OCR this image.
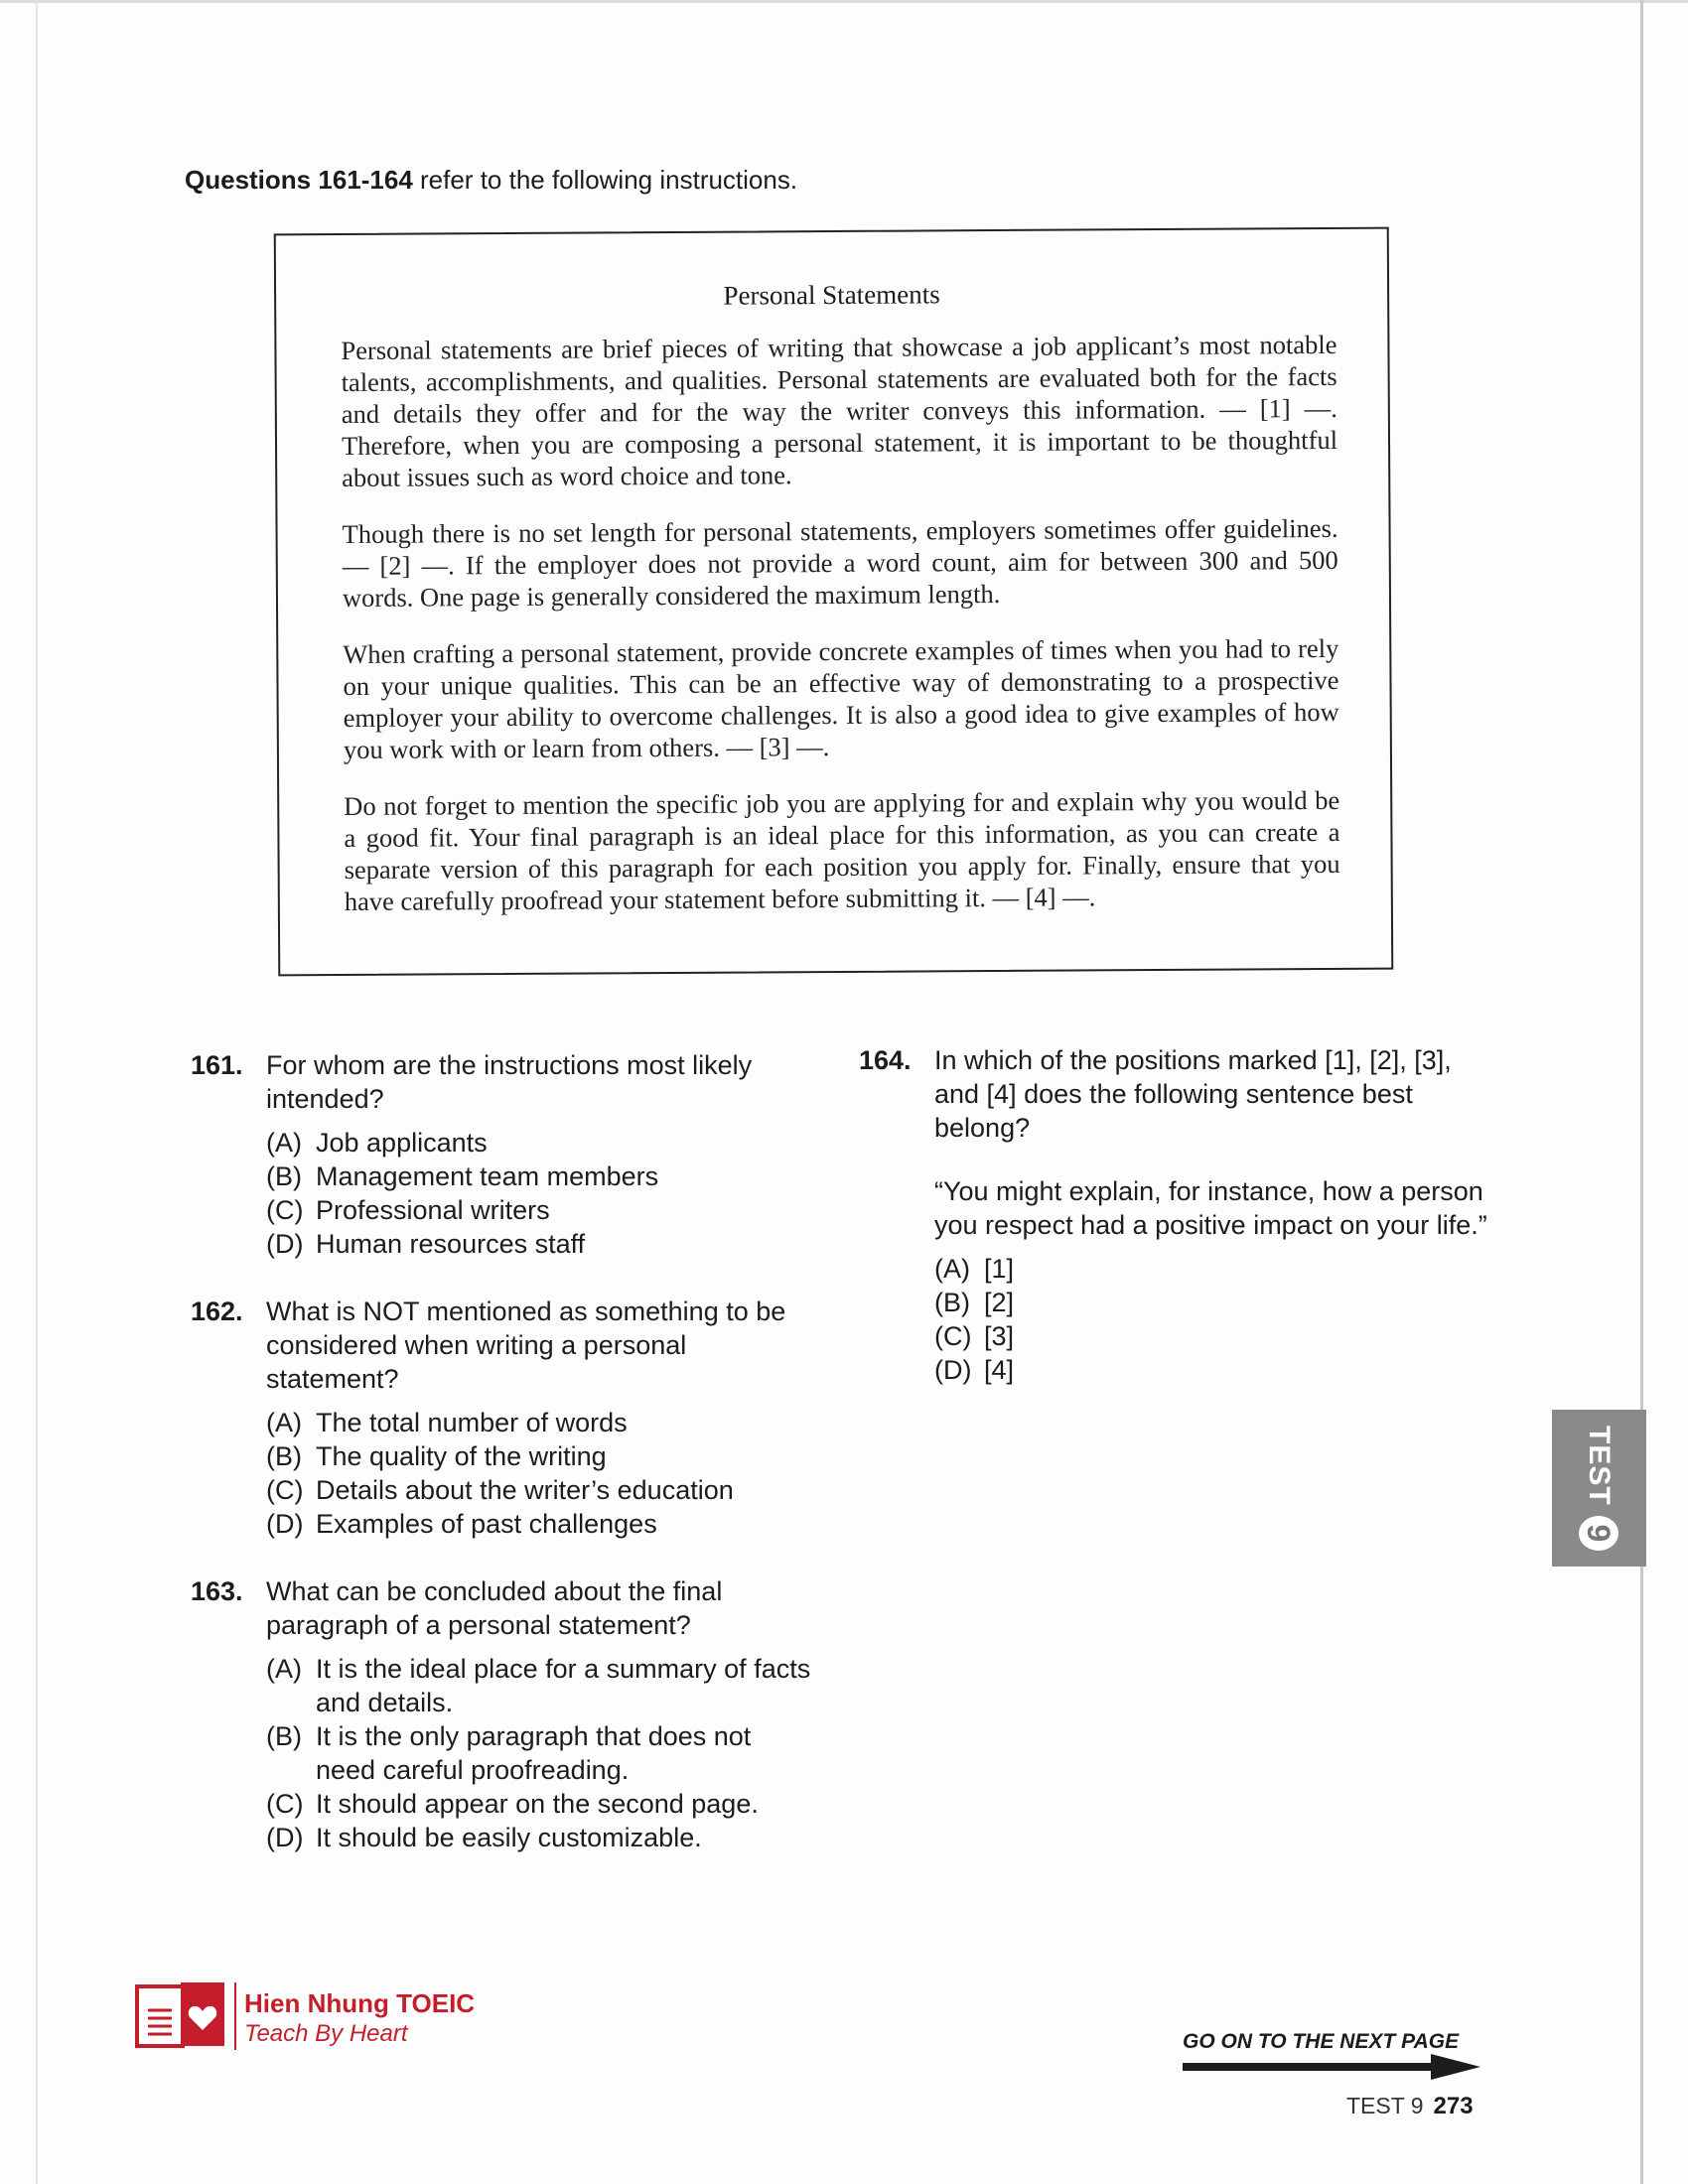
Questions 161-164 refer to the following instructions.
Personal Statements

Personal statements are brief pieces of writing that showcase a job applicant’s most notable talents, accomplishments, and qualities. Personal statements are evaluated both for the facts and details they offer and for the way the writer conveys this information. — [1] —. Therefore, when you are composing a personal statement, it is important to be thoughtful about issues such as word choice and tone.

Though there is no set length for personal statements, employers sometimes offer guidelines. — [2] —. If the employer does not provide a word count, aim for between 300 and 500 words. One page is generally considered the maximum length.

When crafting a personal statement, provide concrete examples of times when you had to rely on your unique qualities. This can be an effective way of demonstrating to a prospective employer your ability to overcome challenges. It is also a good idea to give examples of how you work with or learn from others. — [3] —.

Do not forget to mention the specific job you are applying for and explain why you would be a good fit. Your final paragraph is an ideal place for this information, as you can create a separate version of this paragraph for each position you apply for. Finally, ensure that you have carefully proofread your statement before submitting it. — [4] —.

161. For whom are the instructions most likely intended?
(A) Job applicants
(B) Management team members
(C) Professional writers
(D) Human resources staff
162. What is NOT mentioned as something to be considered when writing a personal statement?
(A) The total number of words
(B) The quality of the writing
(C) Details about the writer’s education
(D) Examples of past challenges
163. What can be concluded about the final paragraph of a personal statement?
(A) It is the ideal place for a summary of facts and details.
(B) It is the only paragraph that does not need careful proofreading.
(C) It should appear on the second page.
(D) It should be easily customizable.
164. In which of the positions marked [1], [2], [3], and [4] does the following sentence best belong?
“You might explain, for instance, how a person you respect had a positive impact on your life.”
(A) [1]
(B) [2]
(C) [3]
(D) [4]
TEST
9
Hien Nhung TOEIC
Teach By Heart	GO ON TO THE NEXT PAGE
TEST 9 273
